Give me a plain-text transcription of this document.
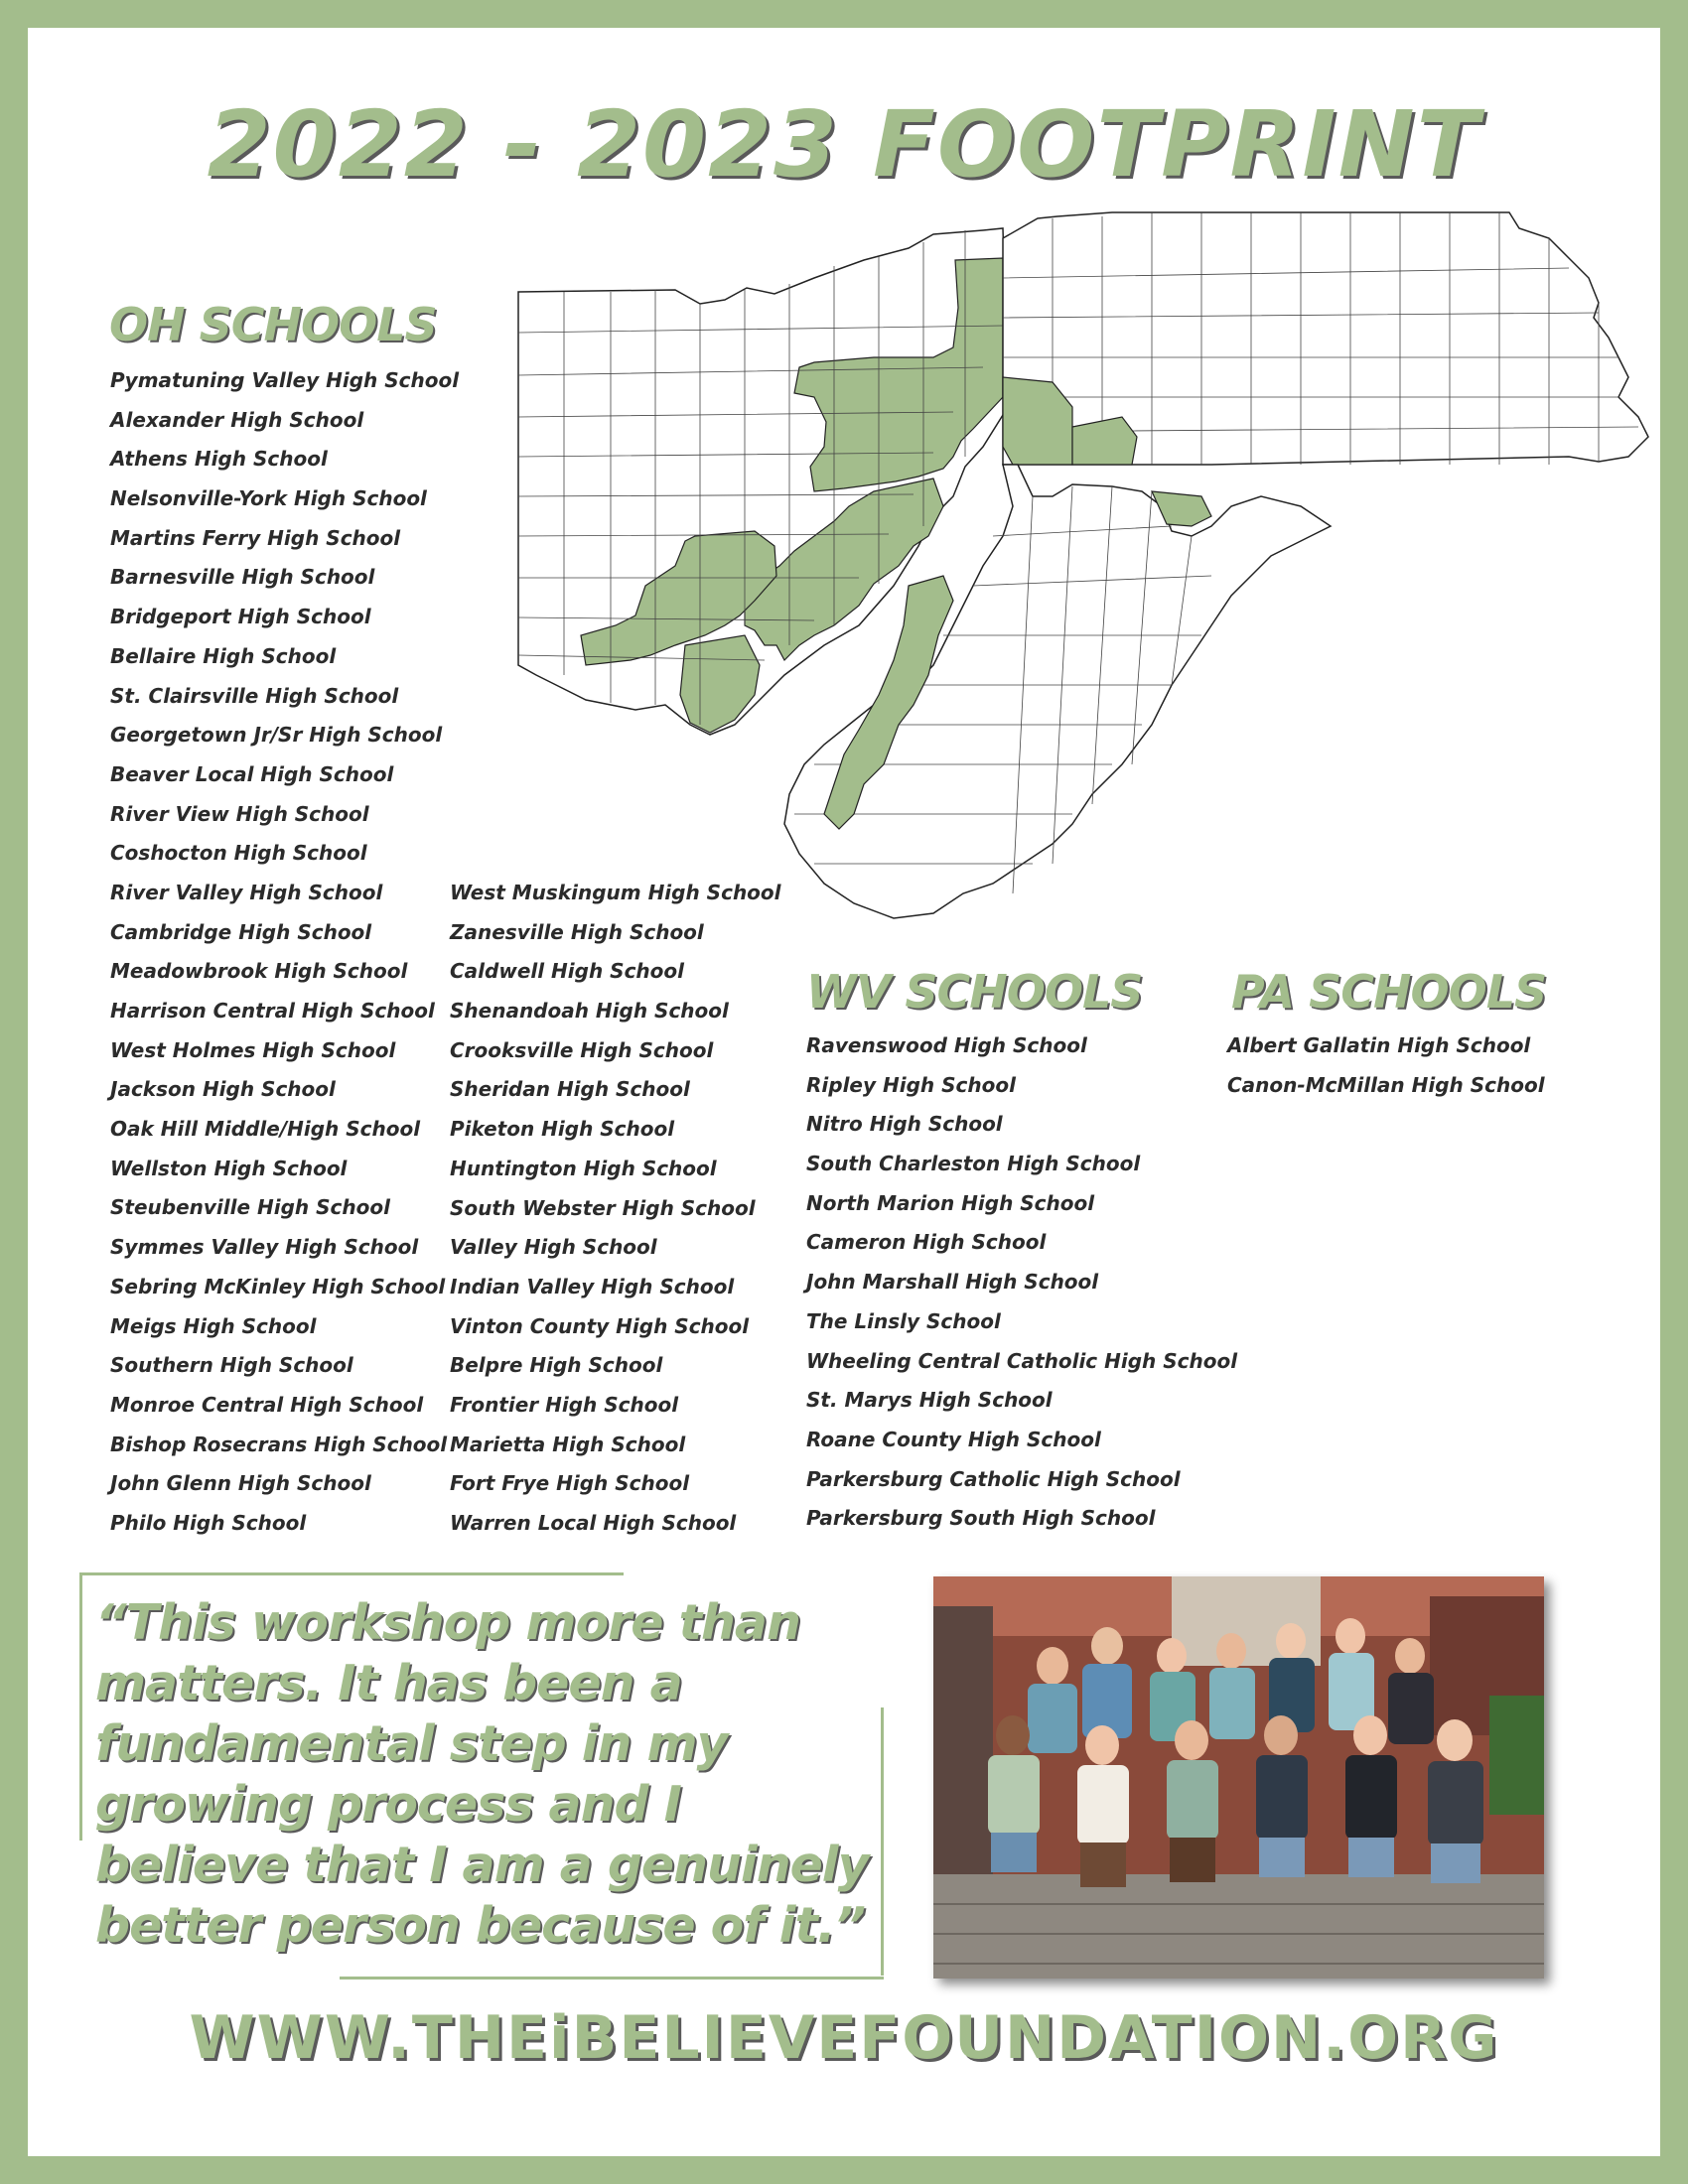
2022 - 2023 FOOTPRINT
OH SCHOOLS
Pymatuning Valley High School
Alexander High School
Athens High School
Nelsonville-York High School
Martins Ferry High School
Barnesville High School
Bridgeport High School
Bellaire High School
St. Clairsville High School
Georgetown Jr/Sr High School
Beaver Local High School
River View High School
Coshocton High School
River Valley High School
Cambridge High School
Meadowbrook High School
Harrison Central High School
West Holmes High School
Jackson High School
Oak Hill Middle/High School
Wellston High School
Steubenville High School
Symmes Valley High School
Sebring McKinley High School
Meigs High School
Southern High School
Monroe Central High School
Bishop Rosecrans High School
John Glenn High School
Philo High School
West Muskingum High School
Zanesville High School
Caldwell High School
Shenandoah High School
Crooksville High School
Sheridan High School
Piketon High School
Huntington High School
South Webster High School
Valley High School
Indian Valley High School
Vinton County High School
Belpre High School
Frontier High School
Marietta High School
Fort Frye High School
Warren Local High School
WV SCHOOLS
Ravenswood High School
Ripley High School
Nitro High School
South Charleston High School
North Marion High School
Cameron High School
John Marshall High School
The Linsly School
Wheeling Central Catholic High School
St. Marys High School
Roane County High School
Parkersburg Catholic High School
Parkersburg South High School
PA SCHOOLS
Albert Gallatin High School
Canon-McMillan High School

“This workshop more than matters. It has been a fundamental step in my growing process and I believe that I am a genuinely better person because of it.”

WWW.THEiBELIEVEFOUNDATION.ORG
